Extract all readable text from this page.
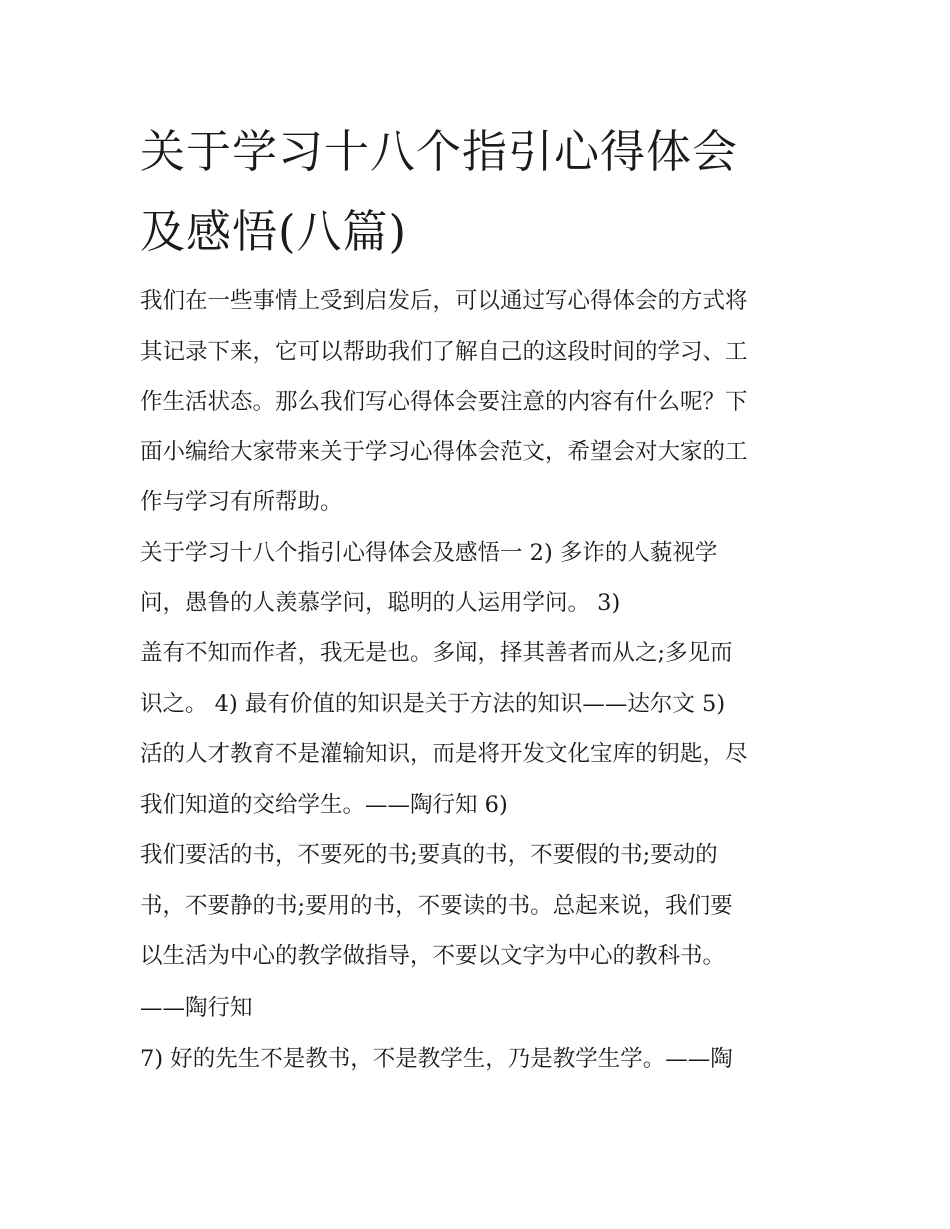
关于学习十八个指引心得体会
及感悟(八篇)

我们在一些事情上受到启发后，可以通过写心得体会的方式将

其记录下来，它可以帮助我们了解自己的这段时间的学习、工

作生活状态。那么我们写心得体会要注意的内容有什么呢？下

面小编给大家带来关于学习心得体会范文，希望会对大家的工

作与学习有所帮助。

关于学习十八个指引心得体会及感悟一 2) 多诈的人藐视学

问，愚鲁的人羡慕学问，聪明的人运用学问。 3)

盖有不知而作者，我无是也。多闻，择其善者而从之;多见而

识之。 4) 最有价值的知识是关于方法的知识——达尔文 5)

活的人才教育不是灌输知识，而是将开发文化宝库的钥匙，尽

我们知道的交给学生。——陶行知 6)

我们要活的书，不要死的书;要真的书，不要假的书;要动的

书，不要静的书;要用的书，不要读的书。总起来说，我们要

以生活为中心的教学做指导，不要以文字为中心的教科书。

——陶行知

7) 好的先生不是教书，不是教学生，乃是教学生学。——陶
